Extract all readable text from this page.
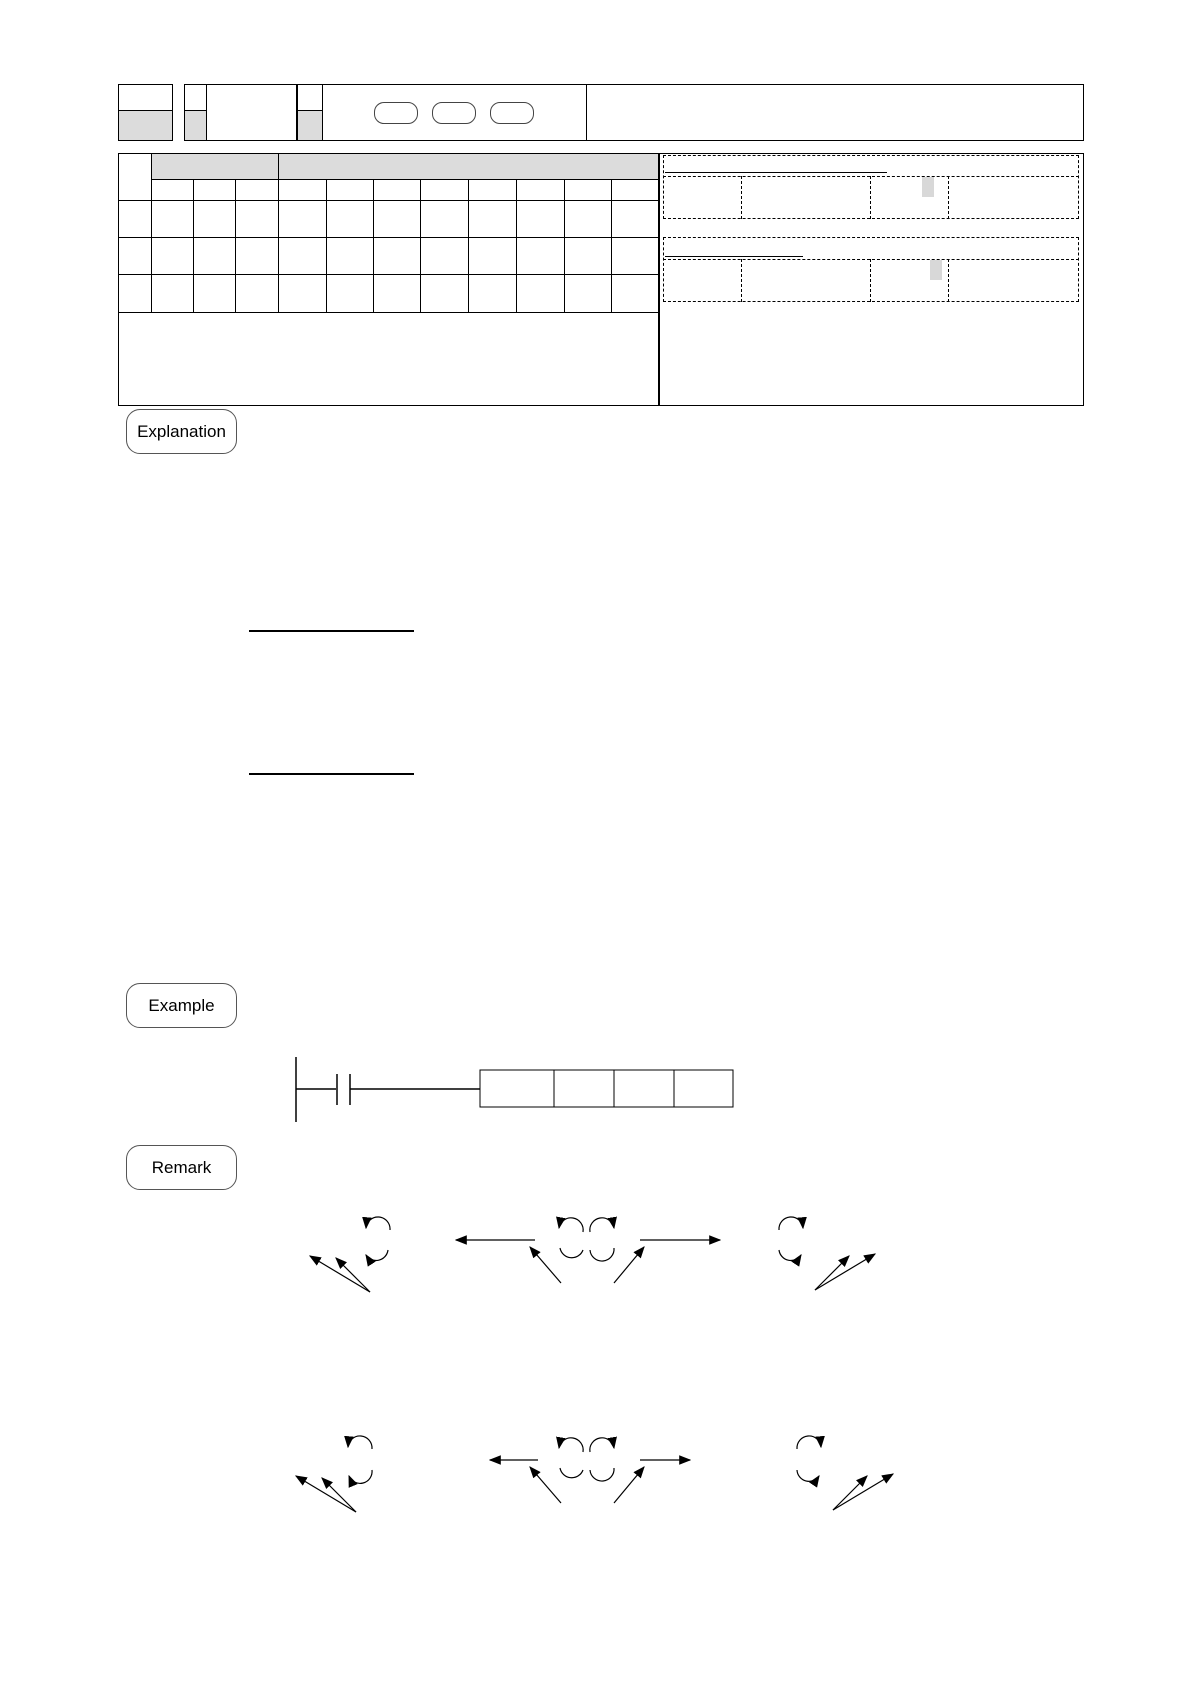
Explanation
Example
Remark
